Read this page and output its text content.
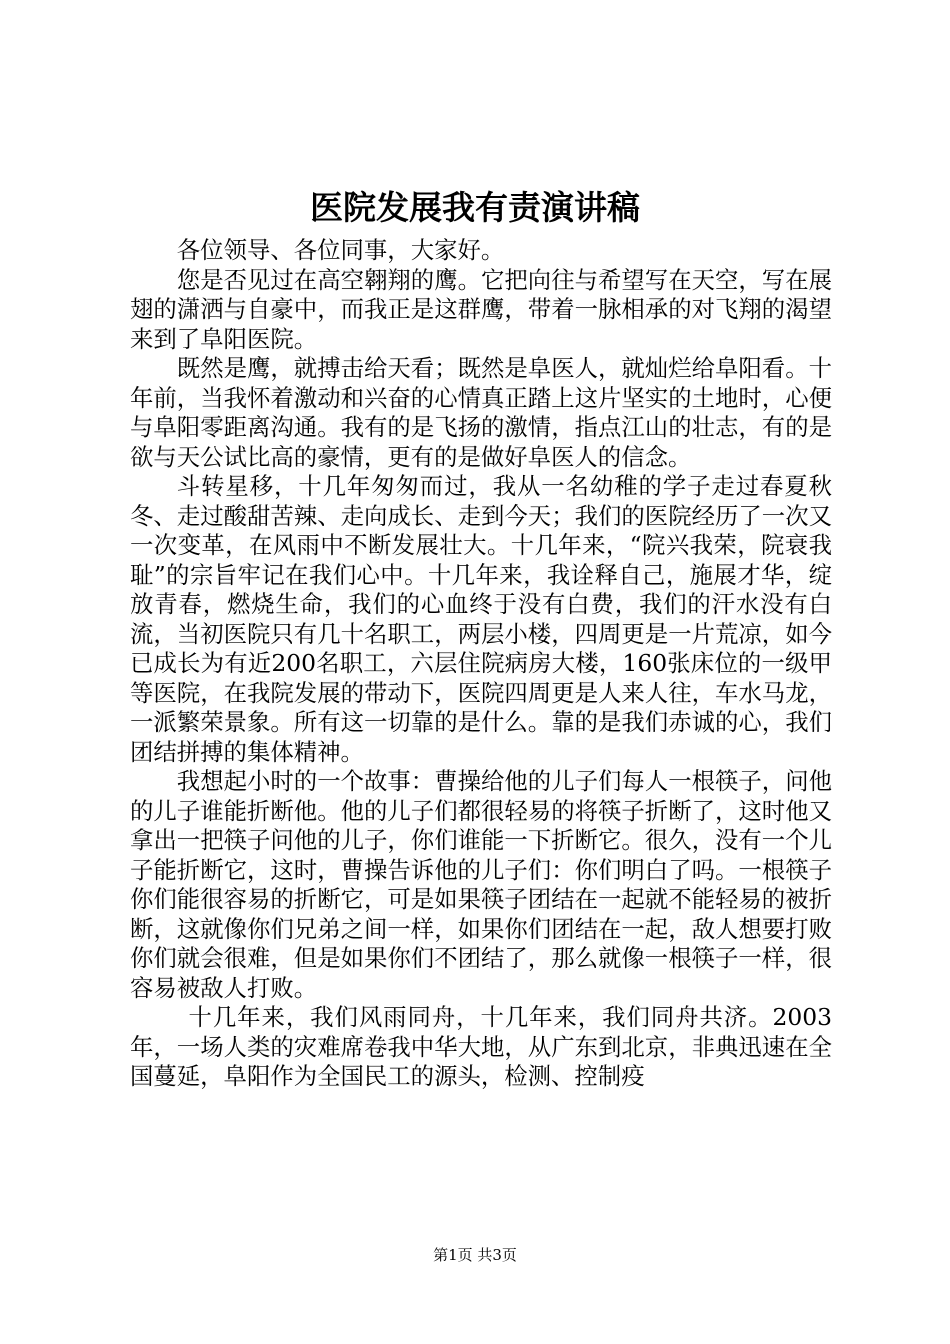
医院发展我有责演讲稿

各位领导、各位同事，大家好。

您是否见过在高空翱翔的鹰。它把向往与希望写在天空，写在展翅的潇洒与自豪中，而我正是这群鹰，带着一脉相承的对飞翔的渴望来到了阜阳医院。

既然是鹰，就搏击给天看；既然是阜医人，就灿烂给阜阳看。十年前，当我怀着激动和兴奋的心情真正踏上这片坚实的土地时，心便与阜阳零距离沟通。我有的是飞扬的激情，指点江山的壮志，有的是欲与天公试比高的豪情，更有的是做好阜医人的信念。

斗转星移，十几年匆匆而过，我从一名幼稚的学子走过春夏秋冬、走过酸甜苦辣、走向成长、走到今天；我们的医院经历了一次又一次变革，在风雨中不断发展壮大。十几年来，“院兴我荣，院衰我耻”的宗旨牢记在我们心中。十几年来，我诠释自己，施展才华，绽放青春，燃烧生命，我们的心血终于没有白费，我们的汗水没有白流，当初医院只有几十名职工，两层小楼，四周更是一片荒凉，如今已成长为有近200名职工，六层住院病房大楼，160张床位的一级甲等医院，在我院发展的带动下，医院四周更是人来人往，车水马龙，一派繁荣景象。所有这一切靠的是什么。靠的是我们赤诚的心，我们团结拼搏的集体精神。

我想起小时的一个故事：曹操给他的儿子们每人一根筷子，问他的儿子谁能折断他。他的儿子们都很轻易的将筷子折断了，这时他又拿出一把筷子问他的儿子，你们谁能一下折断它。很久，没有一个儿子能折断它，这时，曹操告诉他的儿子们：你们明白了吗。一根筷子你们能很容易的折断它，可是如果筷子团结在一起就不能轻易的被折断，这就像你们兄弟之间一样，如果你们团结在一起，敌人想要打败你们就会很难，但是如果你们不团结了，那么就像一根筷子一样，很容易被敌人打败。

十几年来，我们风雨同舟，十几年来，我们同舟共济。2003年，一场人类的灾难席卷我中华大地，从广东到北京，非典迅速在全国蔓延，阜阳作为全国民工的源头，检测、控制疫

第1页 共3页
